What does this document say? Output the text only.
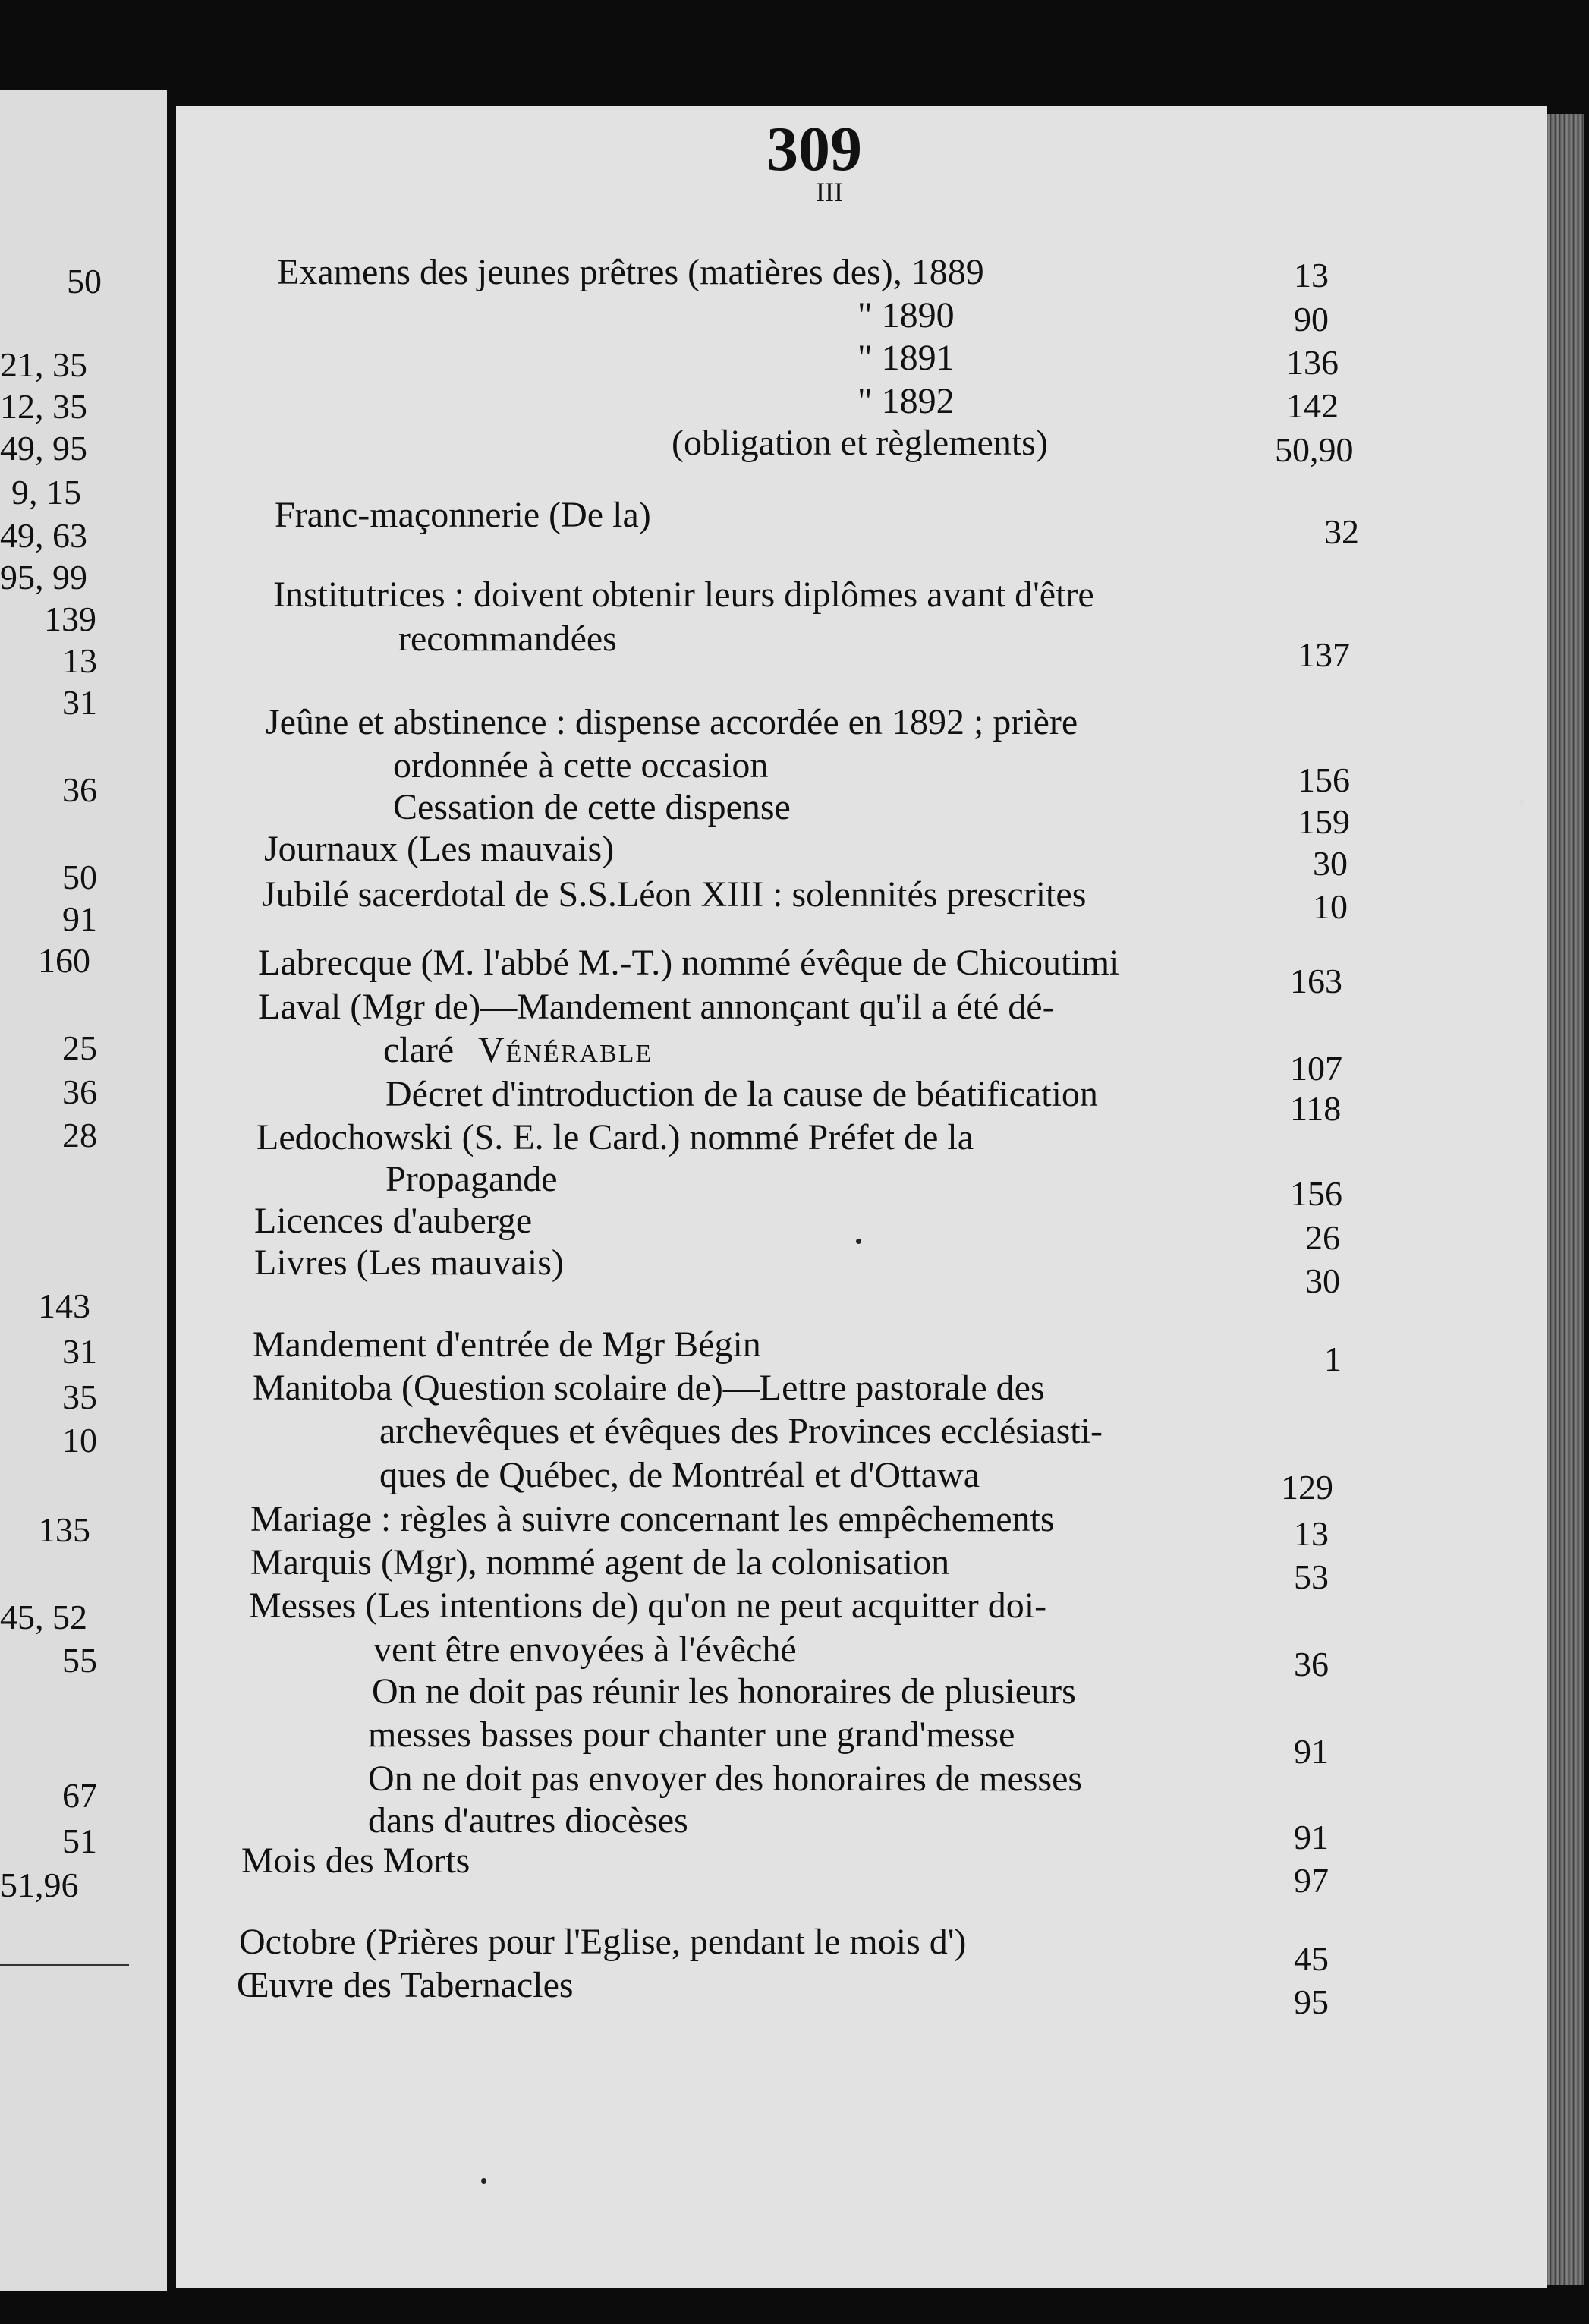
50
21, 35
12, 35
49, 95
9, 15
49, 63
95, 99
139
13
31
36
50
91
160
25
36
28
143
31
35
10
135
45, 52
55
67
51
51,96
309
III
Examens des jeunes prêtres (matières des), 1889	13
" 1890	90
" 1891	136
" 1892	142
(obligation et règlements)	50,90
Franc-maçonnerie (De la)	32
Institutrices : doivent obtenir leurs diplômes avant d'être
recommandées	137
Jeûne et abstinence : dispense accordée en 1892 ; prière
ordonnée à cette occasion	156
Cessation de cette dispense	159
Journaux (Les mauvais)	30
Jubilé sacerdotal de S.S.Léon XIII : solennités prescrites	10
Labrecque (M. l'abbé M.-T.) nommé évêque de Chicoutimi	163
Laval (Mgr de)—Mandement annonçant qu'il a été dé-
claré Vénérable	107
Décret d'introduction de la cause de béatification	118
Ledochowski (S. E. le Card.) nommé Préfet de la
Propagande	156
Licences d'auberge	26
Livres (Les mauvais)	30
Mandement d'entrée de Mgr Bégin	1
Manitoba (Question scolaire de)—Lettre pastorale des
archevêques et évêques des Provinces ecclésiasti-
ques de Québec, de Montréal et d'Ottawa	129
Mariage : règles à suivre concernant les empêchements	13
Marquis (Mgr), nommé agent de la colonisation	53
Messes (Les intentions de) qu'on ne peut acquitter doi-
vent être envoyées à l'évêché	36
On ne doit pas réunir les honoraires de plusieurs
messes basses pour chanter une grand'messe	91
On ne doit pas envoyer des honoraires de messes
dans d'autres diocèses	91
Mois des Morts	97
Octobre (Prières pour l'Eglise, pendant le mois d')	45
Œuvre des Tabernacles	95
